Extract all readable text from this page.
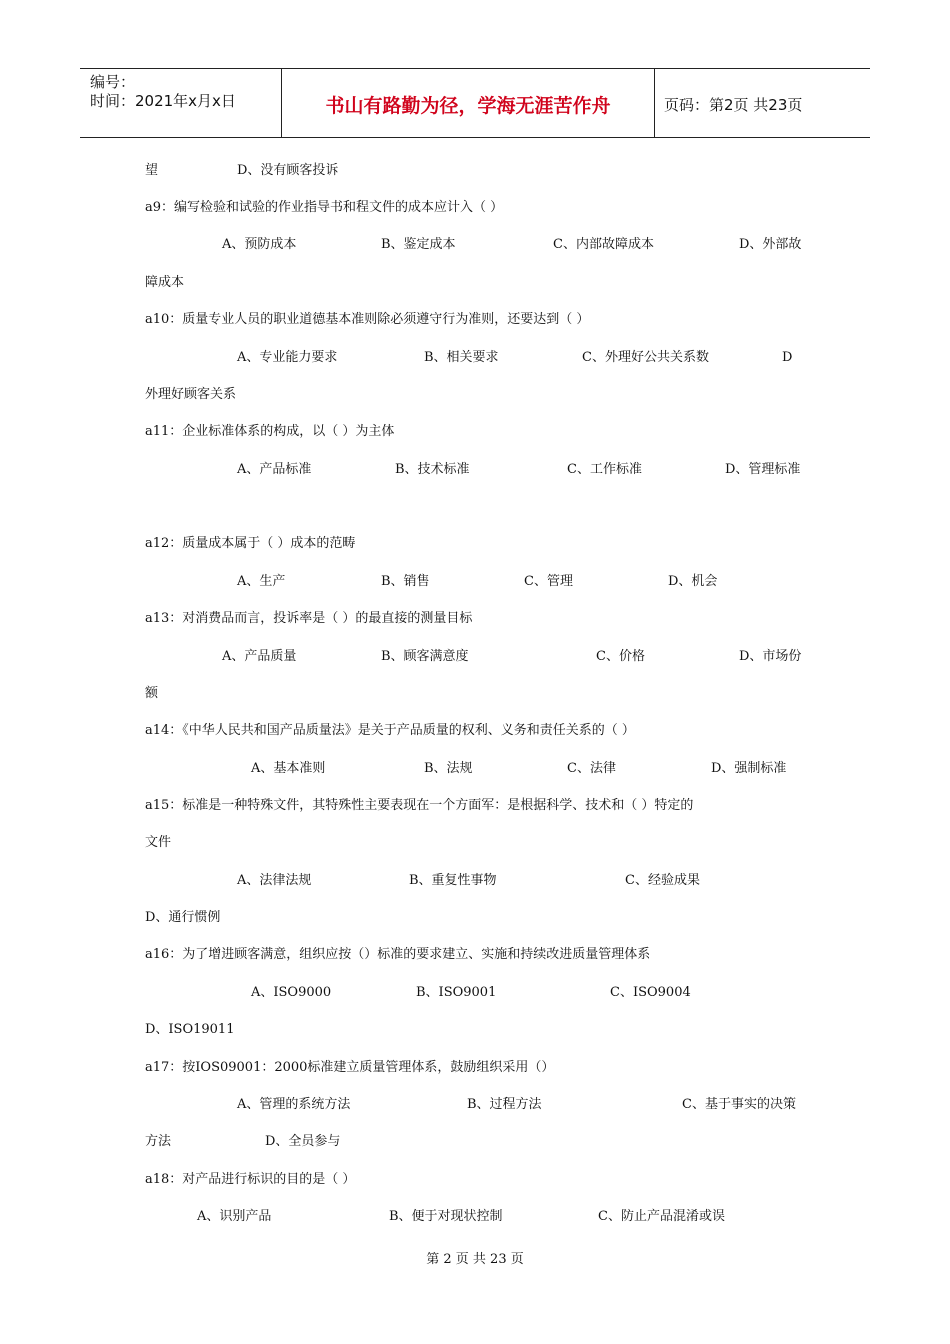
编号：
时间：2021年x月x日	书山有路勤为径，学海无涯苦作舟	页码：第2页 共23页
望	D、没有顾客投诉
a9：编写检验和试验的作业指导书和程文件的成本应计入（ ）
A、预防成本	B、鉴定成本	C、内部故障成本	D、外部故
障成本
a10：质量专业人员的职业道德基本准则除必须遵守行为准则，还要达到（ ）
A、专业能力要求	B、相关要求	C、外理好公共关系数	D
外理好顾客关系
a11：企业标准体系的构成，以（ ）为主体
A、产品标准	B、技术标准	C、工作标准	D、管理标准
a12：质量成本属于（ ）成本的范畴
A、生产	B、销售	C、管理	D、机会
a13：对消费品而言，投诉率是（ ）的最直接的测量目标
A、产品质量	B、顾客满意度	C、价格	D、市场份
额
a14：《中华人民共和国产品质量法》是关于产品质量的权利、义务和责任关系的（ ）
A、基本准则	B、法规	C、法律	D、强制标准
a15：标准是一种特殊文件，其特殊性主要表现在一个方面军：是根据科学、技术和（ ）特定的
文件
A、法律法规	B、重复性事物	C、经验成果
D、通行惯例
a16：为了增进顾客满意，组织应按（）标准的要求建立、实施和持续改进质量管理体系
A、ISO9000	B、ISO9001	C、ISO9004
D、ISO19011
a17：按IOS09001：2000标准建立质量管理体系，鼓励组织采用（）
A、管理的系统方法	B、过程方法	C、基于事实的决策
方法	D、全员参与
a18：对产品进行标识的目的是（ ）
A、识别产品	B、便于对现状控制	C、防止产品混淆或误
第 2 页 共 23 页
